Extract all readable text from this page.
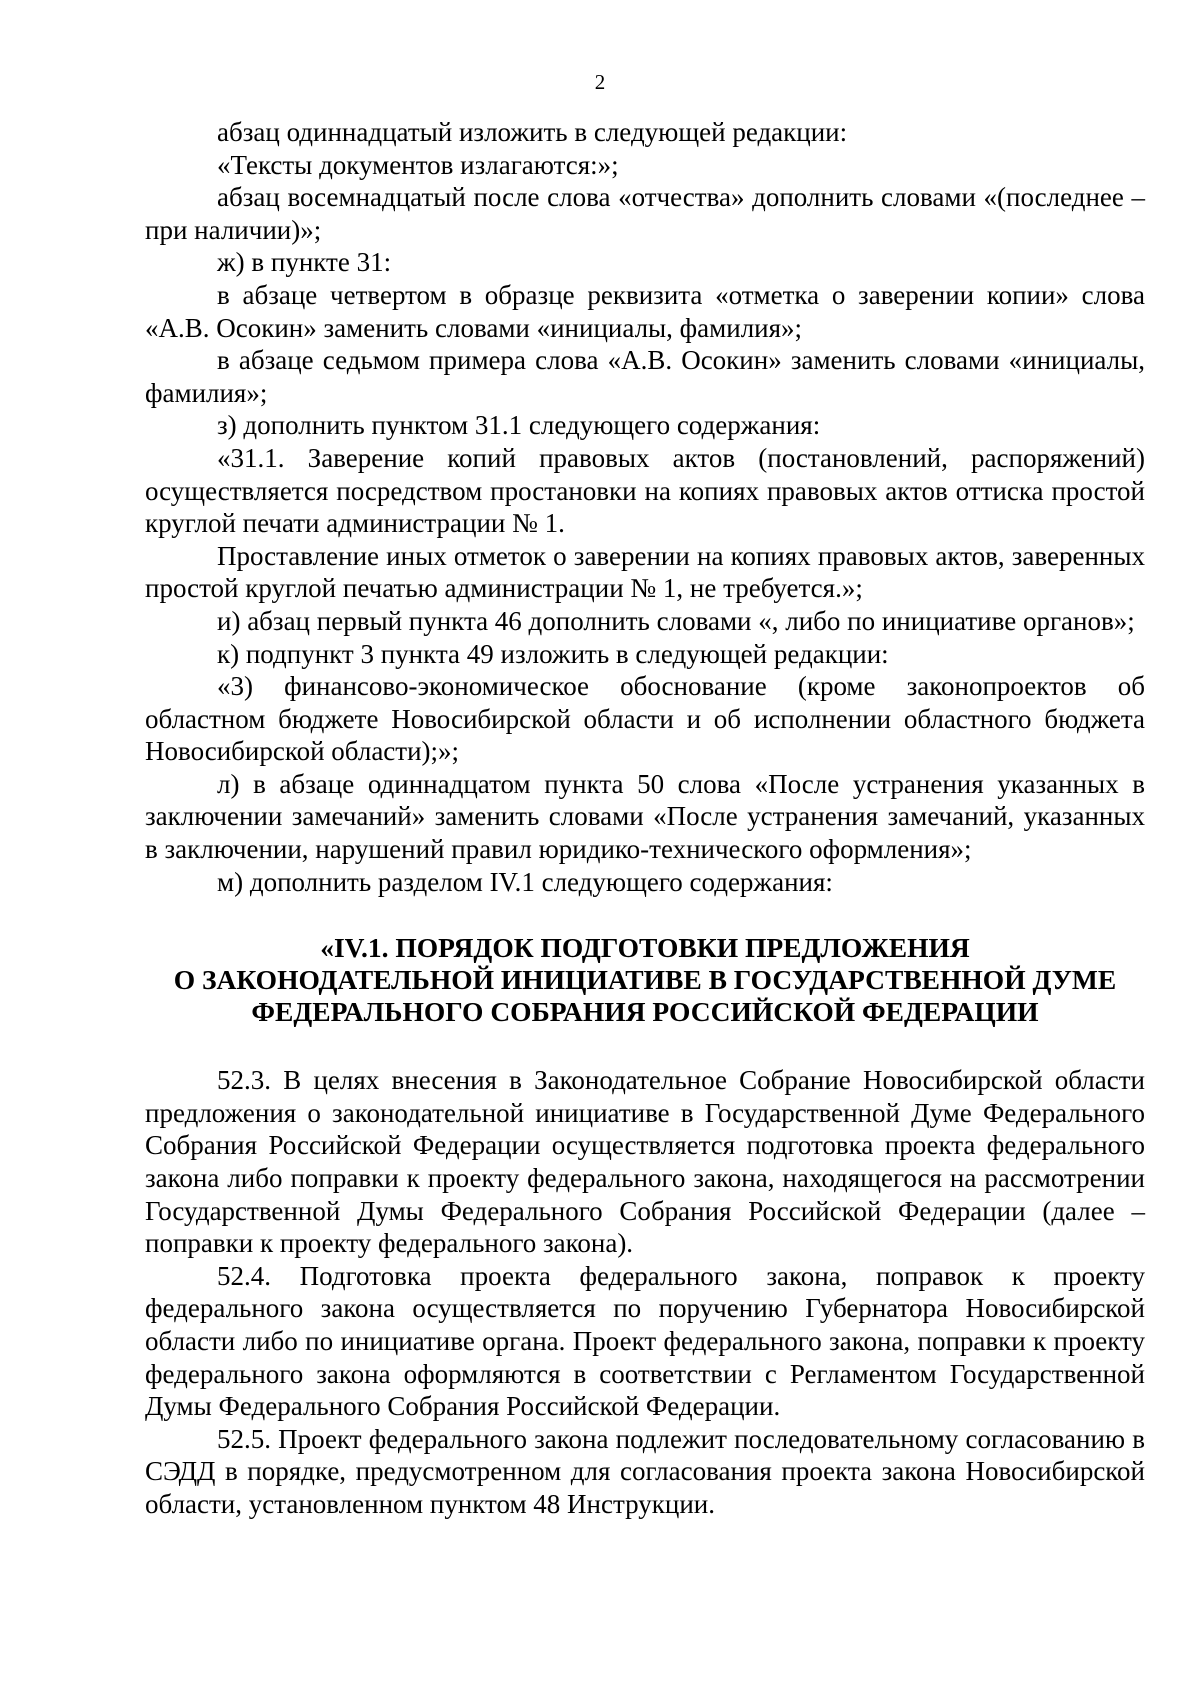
2

абзац одиннадцатый изложить в следующей редакции:

«Тексты документов излагаются:»;

абзац восемнадцатый после слова «отчества» дополнить словами «(последнее – при наличии)»;

ж) в пункте 31:

в абзаце четвертом в образце реквизита «отметка о заверении копии» слова «А.В. Осокин» заменить словами «инициалы, фамилия»;

в абзаце седьмом примера слова «А.В. Осокин» заменить словами «инициалы, фамилия»;

з) дополнить пунктом 31.1 следующего содержания:

«31.1. Заверение копий правовых актов (постановлений, распоряжений) осуществляется посредством простановки на копиях правовых актов оттиска простой круглой печати администрации № 1.

Проставление иных отметок о заверении на копиях правовых актов, заверенных простой круглой печатью администрации № 1, не требуется.»;

и) абзац первый пункта 46 дополнить словами «, либо по инициативе органов»;

к) подпункт 3 пункта 49 изложить в следующей редакции:

«3) финансово-экономическое обоснование (кроме законопроектов об областном бюджете Новосибирской области и об исполнении областного бюджета Новосибирской области);»;

л) в абзаце одиннадцатом пункта 50 слова «После устранения указанных в заключении замечаний» заменить словами «После устранения замечаний, указанных в заключении, нарушений правил юридико-технического оформления»;

м) дополнить разделом IV.1 следующего содержания:

«IV.1. ПОРЯДОК ПОДГОТОВКИ ПРЕДЛОЖЕНИЯ
О ЗАКОНОДАТЕЛЬНОЙ ИНИЦИАТИВЕ В ГОСУДАРСТВЕННОЙ ДУМЕ
ФЕДЕРАЛЬНОГО СОБРАНИЯ РОССИЙСКОЙ ФЕДЕРАЦИИ

52.3. В целях внесения в Законодательное Собрание Новосибирской области предложения о законодательной инициативе в Государственной Думе Федерального Собрания Российской Федерации осуществляется подготовка проекта федерального закона либо поправки к проекту федерального закона, находящегося на рассмотрении Государственной Думы Федерального Собрания Российской Федерации (далее – поправки к проекту федерального закона).

52.4. Подготовка проекта федерального закона, поправок к проекту федерального закона осуществляется по поручению Губернатора Новосибирской области либо по инициативе органа. Проект федерального закона, поправки к проекту федерального закона оформляются в соответствии с Регламентом Государственной Думы Федерального Собрания Российской Федерации.

52.5. Проект федерального закона подлежит последовательному согласованию в СЭДД в порядке, предусмотренном для согласования проекта закона Новосибирской области, установленном пунктом 48 Инструкции.
